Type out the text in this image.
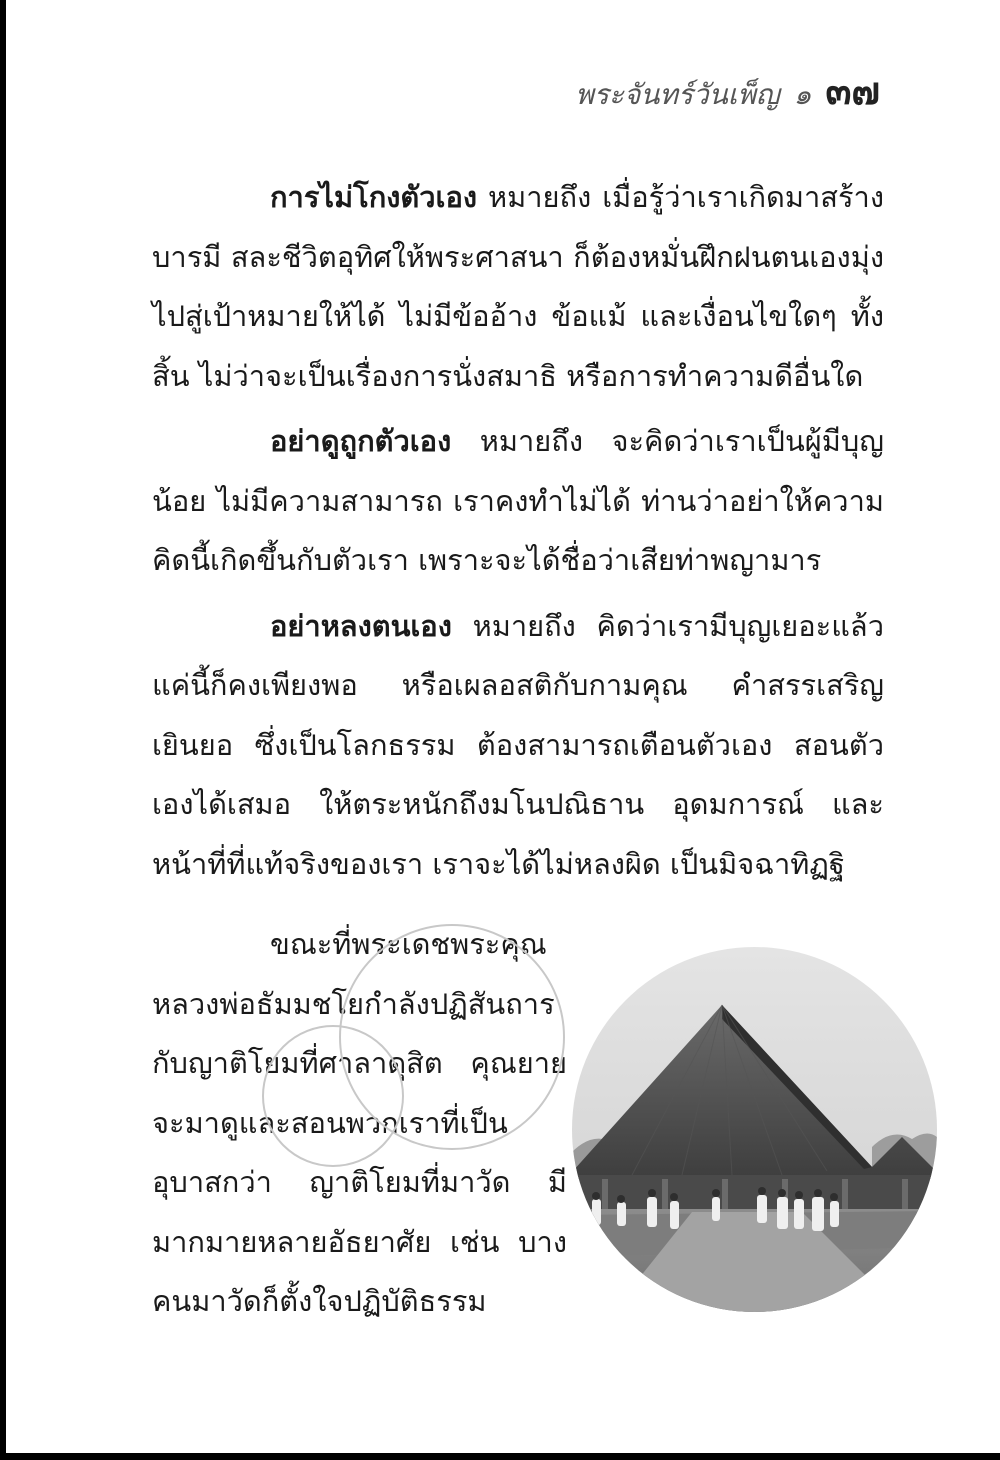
พระจันทร์วันเพ็ญ ๑ ๓๗

การไม่โกงตัวเอง หมายถึง เมื่อรู้ว่าเราเกิดมาสร้างบารมี สละชีวิตอุทิศให้พระศาสนา ก็ต้องหมั่นฝึกฝนตนเองมุ่งไปสู่เป้าหมายให้ได้ ไม่มีข้ออ้าง ข้อแม้ และเงื่อนไขใดๆ ทั้งสิ้น ไม่ว่าจะเป็นเรื่องการนั่งสมาธิ หรือการทำความดีอื่นใด

อย่าดูถูกตัวเอง หมายถึง จะคิดว่าเราเป็นผู้มีบุญน้อย ไม่มีความสามารถ เราคงทำไม่ได้ ท่านว่าอย่าให้ความคิดนี้เกิดขึ้นกับตัวเรา เพราะจะได้ชื่อว่าเสียท่าพญามาร

อย่าหลงตนเอง หมายถึง คิดว่าเรามีบุญเยอะแล้วแค่นี้ก็คงเพียงพอ หรือเผลอสติกับกามคุณ คำสรรเสริญเยินยอ ซึ่งเป็นโลกธรรม ต้องสามารถเตือนตัวเอง สอนตัวเองได้เสมอ ให้ตระหนักถึงมโนปณิธาน อุดมการณ์ และหน้าที่ที่แท้จริงของเรา เราจะได้ไม่หลงผิด เป็นมิจฉาทิฏฐิ

ขณะที่พระเดชพระคุณหลวงพ่อธัมมชโยกำลังปฏิสันถารกับญาติโยมที่ศาลาดุสิต คุณยายจะมาดูและสอนพวกเราที่เป็นอุบาสกว่า ญาติโยมที่มาวัด มีมากมายหลายอัธยาศัย เช่น บางคนมาวัดก็ตั้งใจปฏิบัติธรรม
